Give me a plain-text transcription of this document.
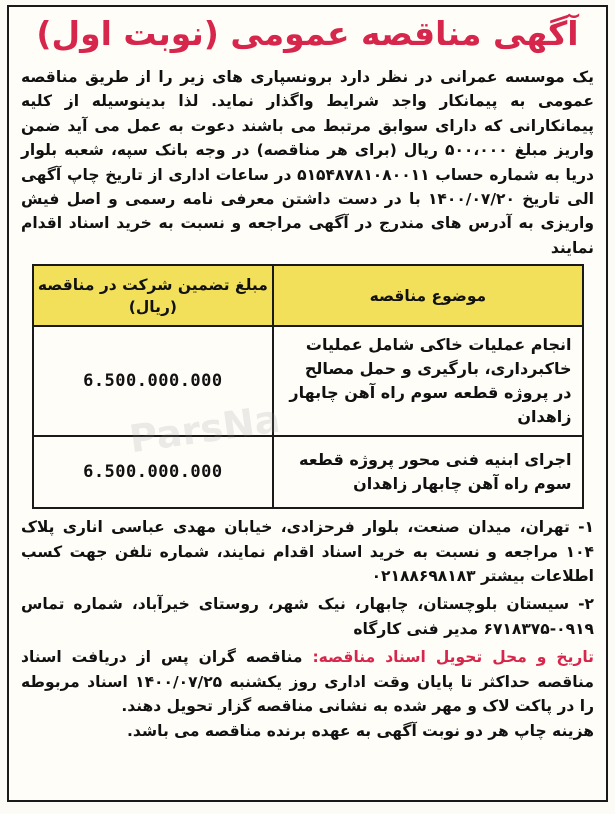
آگهی مناقصه عمومی (نوبت اول)

یک موسسه عمرانی در نظر دارد برونسپاری های زیر را از طریق مناقصه عمومی به پیمانکار واجد شرایط واگذار نماید. لذا بدینوسیله از کلیه پیمانکارانی که دارای سوابق مرتبط می باشند دعوت به عمل می آید ضمن واریز مبلغ ۵۰۰،۰۰۰ ریال (برای هر مناقصه) در وجه بانک سپه، شعبه بلوار دریا به شماره حساب ۵۱۵۴۸۷۸۱۰۸۰۰۱۱ در ساعات اداری از تاریخ چاپ آگهی الی تاریخ ۱۴۰۰/۰۷/۲۰ با در دست داشتن معرفی نامه رسمی و اصل فیش واریزی به آدرس های مندرج در آگهی مراجعه و نسبت به خرید اسناد اقدام نمایند

موضوع مناقصه	مبلغ تضمین شرکت در مناقصه (ریال)
انجام عملیات خاکی شامل عملیات خاکبرداری، بارگیری و حمل مصالح در پروژه قطعه سوم راه آهن چابهار زاهدان	6.500.000.000
اجرای ابنیه فنی محور پروژه قطعه سوم راه آهن چابهار زاهدان	6.500.000.000

۱- تهران، میدان صنعت، بلوار فرحزادی، خیابان مهدی عباسی اناری پلاک ۱۰۴ مراجعه و نسبت به خرید اسناد اقدام نمایند، شماره تلفن جهت کسب اطلاعات بیشتر ۰۲۱۸۸۶۹۸۱۸۳

۲- سیستان بلوچستان، چابهار، نیک شهر، روستای خیرآباد، شماره تماس ۰۹۱۹-۶۷۱۸۳۷۵ مدیر فنی کارگاه

تاریخ و محل تحویل اسناد مناقصه: مناقصه گران پس از دریافت اسناد مناقصه حداکثر تا پایان وقت اداری روز یکشنبه ۱۴۰۰/۰۷/۲۵ اسناد مربوطه را در پاکت لاک و مهر شده به نشانی مناقصه گزار تحویل دهند.

هزینه چاپ هر دو نوبت آگهی به عهده برنده مناقصه می باشد.

ParsNa
